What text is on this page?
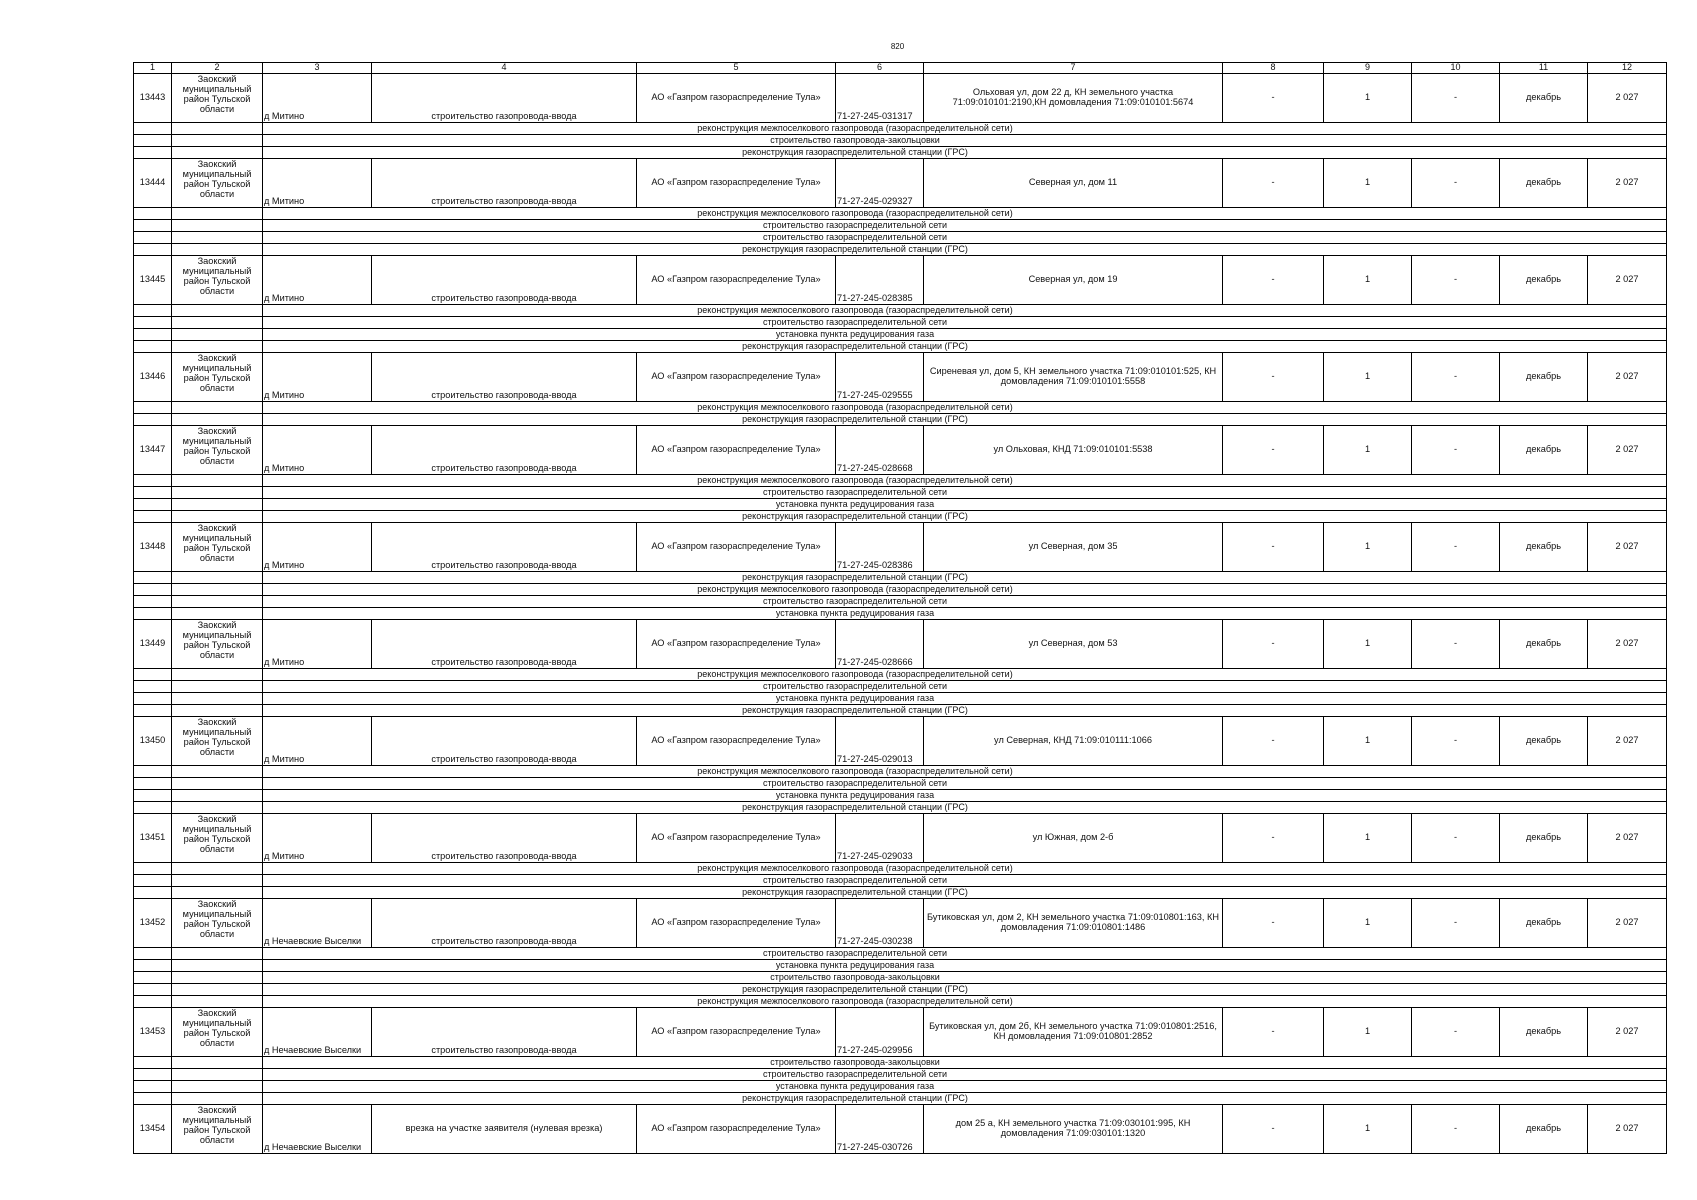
820
1	2	3	4	5	6	7	8	9	10	11	12
13443	Заокский муниципальный район Тульской области	д Митино	строительство газопровода-ввода	АО «Газпром газораспределение Тула»	71-27-245-031317	Ольховая ул, дом 22 д, КН земельного участка 71:09:010101:2190,КН домовладения 71:09:010101:5674	-	1	-	декабрь	2 027
		реконструкция межпоселкового газопровода (газораспределительной сети)									
		строительство газопровода-закольцовки									
		реконструкция газораспределительной станции (ГРС)									
13444	Заокский муниципальный район Тульской области	д Митино	строительство газопровода-ввода	АО «Газпром газораспределение Тула»	71-27-245-029327	Северная ул, дом 11	-	1	-	декабрь	2 027
		реконструкция межпоселкового газопровода (газораспределительной сети)									
		строительство газораспределительной сети									
		строительство газораспределительной сети									
		реконструкция газораспределительной станции (ГРС)									
13445	Заокский муниципальный район Тульской области	д Митино	строительство газопровода-ввода	АО «Газпром газораспределение Тула»	71-27-245-028385	Северная ул, дом 19	-	1	-	декабрь	2 027
		реконструкция межпоселкового газопровода (газораспределительной сети)									
		строительство газораспределительной сети									
		установка пункта редуцирования газа									
		реконструкция газораспределительной станции (ГРС)									
13446	Заокский муниципальный район Тульской области	д Митино	строительство газопровода-ввода	АО «Газпром газораспределение Тула»	71-27-245-029555	Сиреневая ул, дом 5, КН земельного участка 71:09:010101:525, КН домовладения 71:09:010101:5558	-	1	-	декабрь	2 027
		реконструкция межпоселкового газопровода (газораспределительной сети)									
		реконструкция газораспределительной станции (ГРС)									
13447	Заокский муниципальный район Тульской области	д Митино	строительство газопровода-ввода	АО «Газпром газораспределение Тула»	71-27-245-028668	ул Ольховая, КНД 71:09:010101:5538	-	1	-	декабрь	2 027
		реконструкция межпоселкового газопровода (газораспределительной сети)									
		строительство газораспределительной сети									
		установка пункта редуцирования газа									
		реконструкция газораспределительной станции (ГРС)									
13448	Заокский муниципальный район Тульской области	д Митино	строительство газопровода-ввода	АО «Газпром газораспределение Тула»	71-27-245-028386	ул Северная, дом 35	-	1	-	декабрь	2 027
		реконструкция газораспределительной станции (ГРС)									
		реконструкция межпоселкового газопровода (газораспределительной сети)									
		строительство газораспределительной сети									
		установка пункта редуцирования газа									
13449	Заокский муниципальный район Тульской области	д Митино	строительство газопровода-ввода	АО «Газпром газораспределение Тула»	71-27-245-028666	ул Северная, дом 53	-	1	-	декабрь	2 027
		реконструкция межпоселкового газопровода (газораспределительной сети)									
		строительство газораспределительной сети									
		установка пункта редуцирования газа									
		реконструкция газораспределительной станции (ГРС)									
13450	Заокский муниципальный район Тульской области	д Митино	строительство газопровода-ввода	АО «Газпром газораспределение Тула»	71-27-245-029013	ул Северная, КНД 71:09:010111:1066	-	1	-	декабрь	2 027
		реконструкция межпоселкового газопровода (газораспределительной сети)									
		строительство газораспределительной сети									
		установка пункта редуцирования газа									
		реконструкция газораспределительной станции (ГРС)									
13451	Заокский муниципальный район Тульской области	д Митино	строительство газопровода-ввода	АО «Газпром газораспределение Тула»	71-27-245-029033	ул Южная, дом 2-б	-	1	-	декабрь	2 027
		реконструкция межпоселкового газопровода (газораспределительной сети)									
		строительство газораспределительной сети									
		реконструкция газораспределительной станции (ГРС)									
13452	Заокский муниципальный район Тульской области	д Нечаевские Выселки	строительство газопровода-ввода	АО «Газпром газораспределение Тула»	71-27-245-030238	Бутиковская ул, дом 2, КН земельного участка 71:09:010801:163, КН домовладения 71:09:010801:1486	-	1	-	декабрь	2 027
		строительство газораспределительной сети									
		установка пункта редуцирования газа									
		строительство газопровода-закольцовки									
		реконструкция газораспределительной станции (ГРС)									
		реконструкция межпоселкового газопровода (газораспределительной сети)									
13453	Заокский муниципальный район Тульской области	д Нечаевские Выселки	строительство газопровода-ввода	АО «Газпром газораспределение Тула»	71-27-245-029956	Бутиковская ул, дом 2б, КН земельного участка 71:09:010801:2516, КН домовладения 71:09:010801:2852	-	1	-	декабрь	2 027
		строительство газопровода-закольцовки									
		строительство газораспределительной сети									
		установка пункта редуцирования газа									
		реконструкция газораспределительной станции (ГРС)									
13454	Заокский муниципальный район Тульской области	д Нечаевские Выселки	врезка на участке заявителя (нулевая врезка)	АО «Газпром газораспределение Тула»	71-27-245-030726	дом 25 а, КН земельного участка 71:09:030101:995, КН домовладения 71:09:030101:1320	-	1	-	декабрь	2 027
